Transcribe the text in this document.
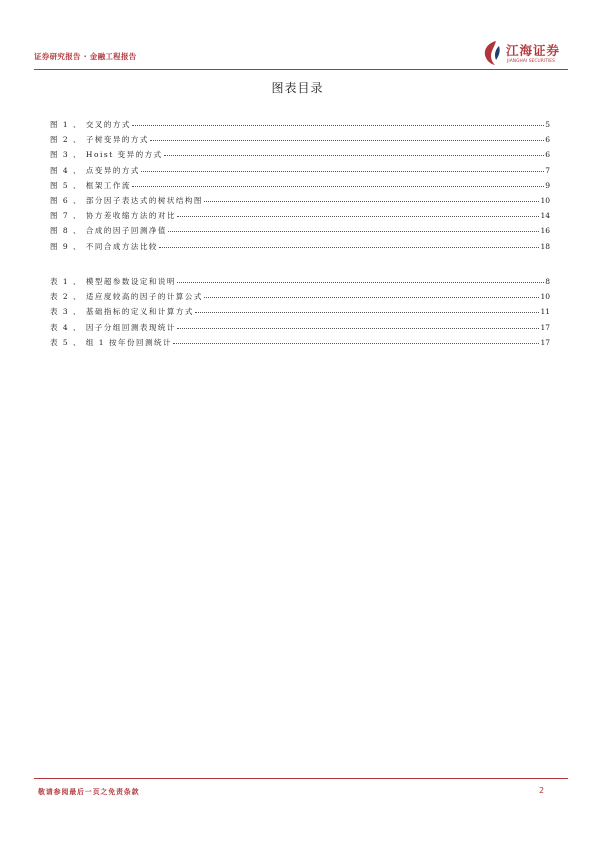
证券研究报告 · 金融工程报告	江海证券
JIANGHAI SECURITIES
图表目录
图 1 、 交叉的方式	5
图 2 、 子树变异的方式	6
图 3 、 Hoist 变异的方式	6
图 4 、 点变异的方式	7
图 5 、 框架工作流	9
图 6 、 部分因子表达式的树状结构图	10
图 7 、 协方差收缩方法的对比	14
图 8 、 合成的因子回测净值	16
图 9 、 不同合成方法比较	18
表 1 、 模型超参数设定和说明	8
表 2 、 适应度较高的因子的计算公式	10
表 3 、 基础指标的定义和计算方式	11
表 4 、 因子分组回测表现统计	17
表 5 、 组 1 按年份回测统计	17
敬请参阅最后一页之免责条款	2
